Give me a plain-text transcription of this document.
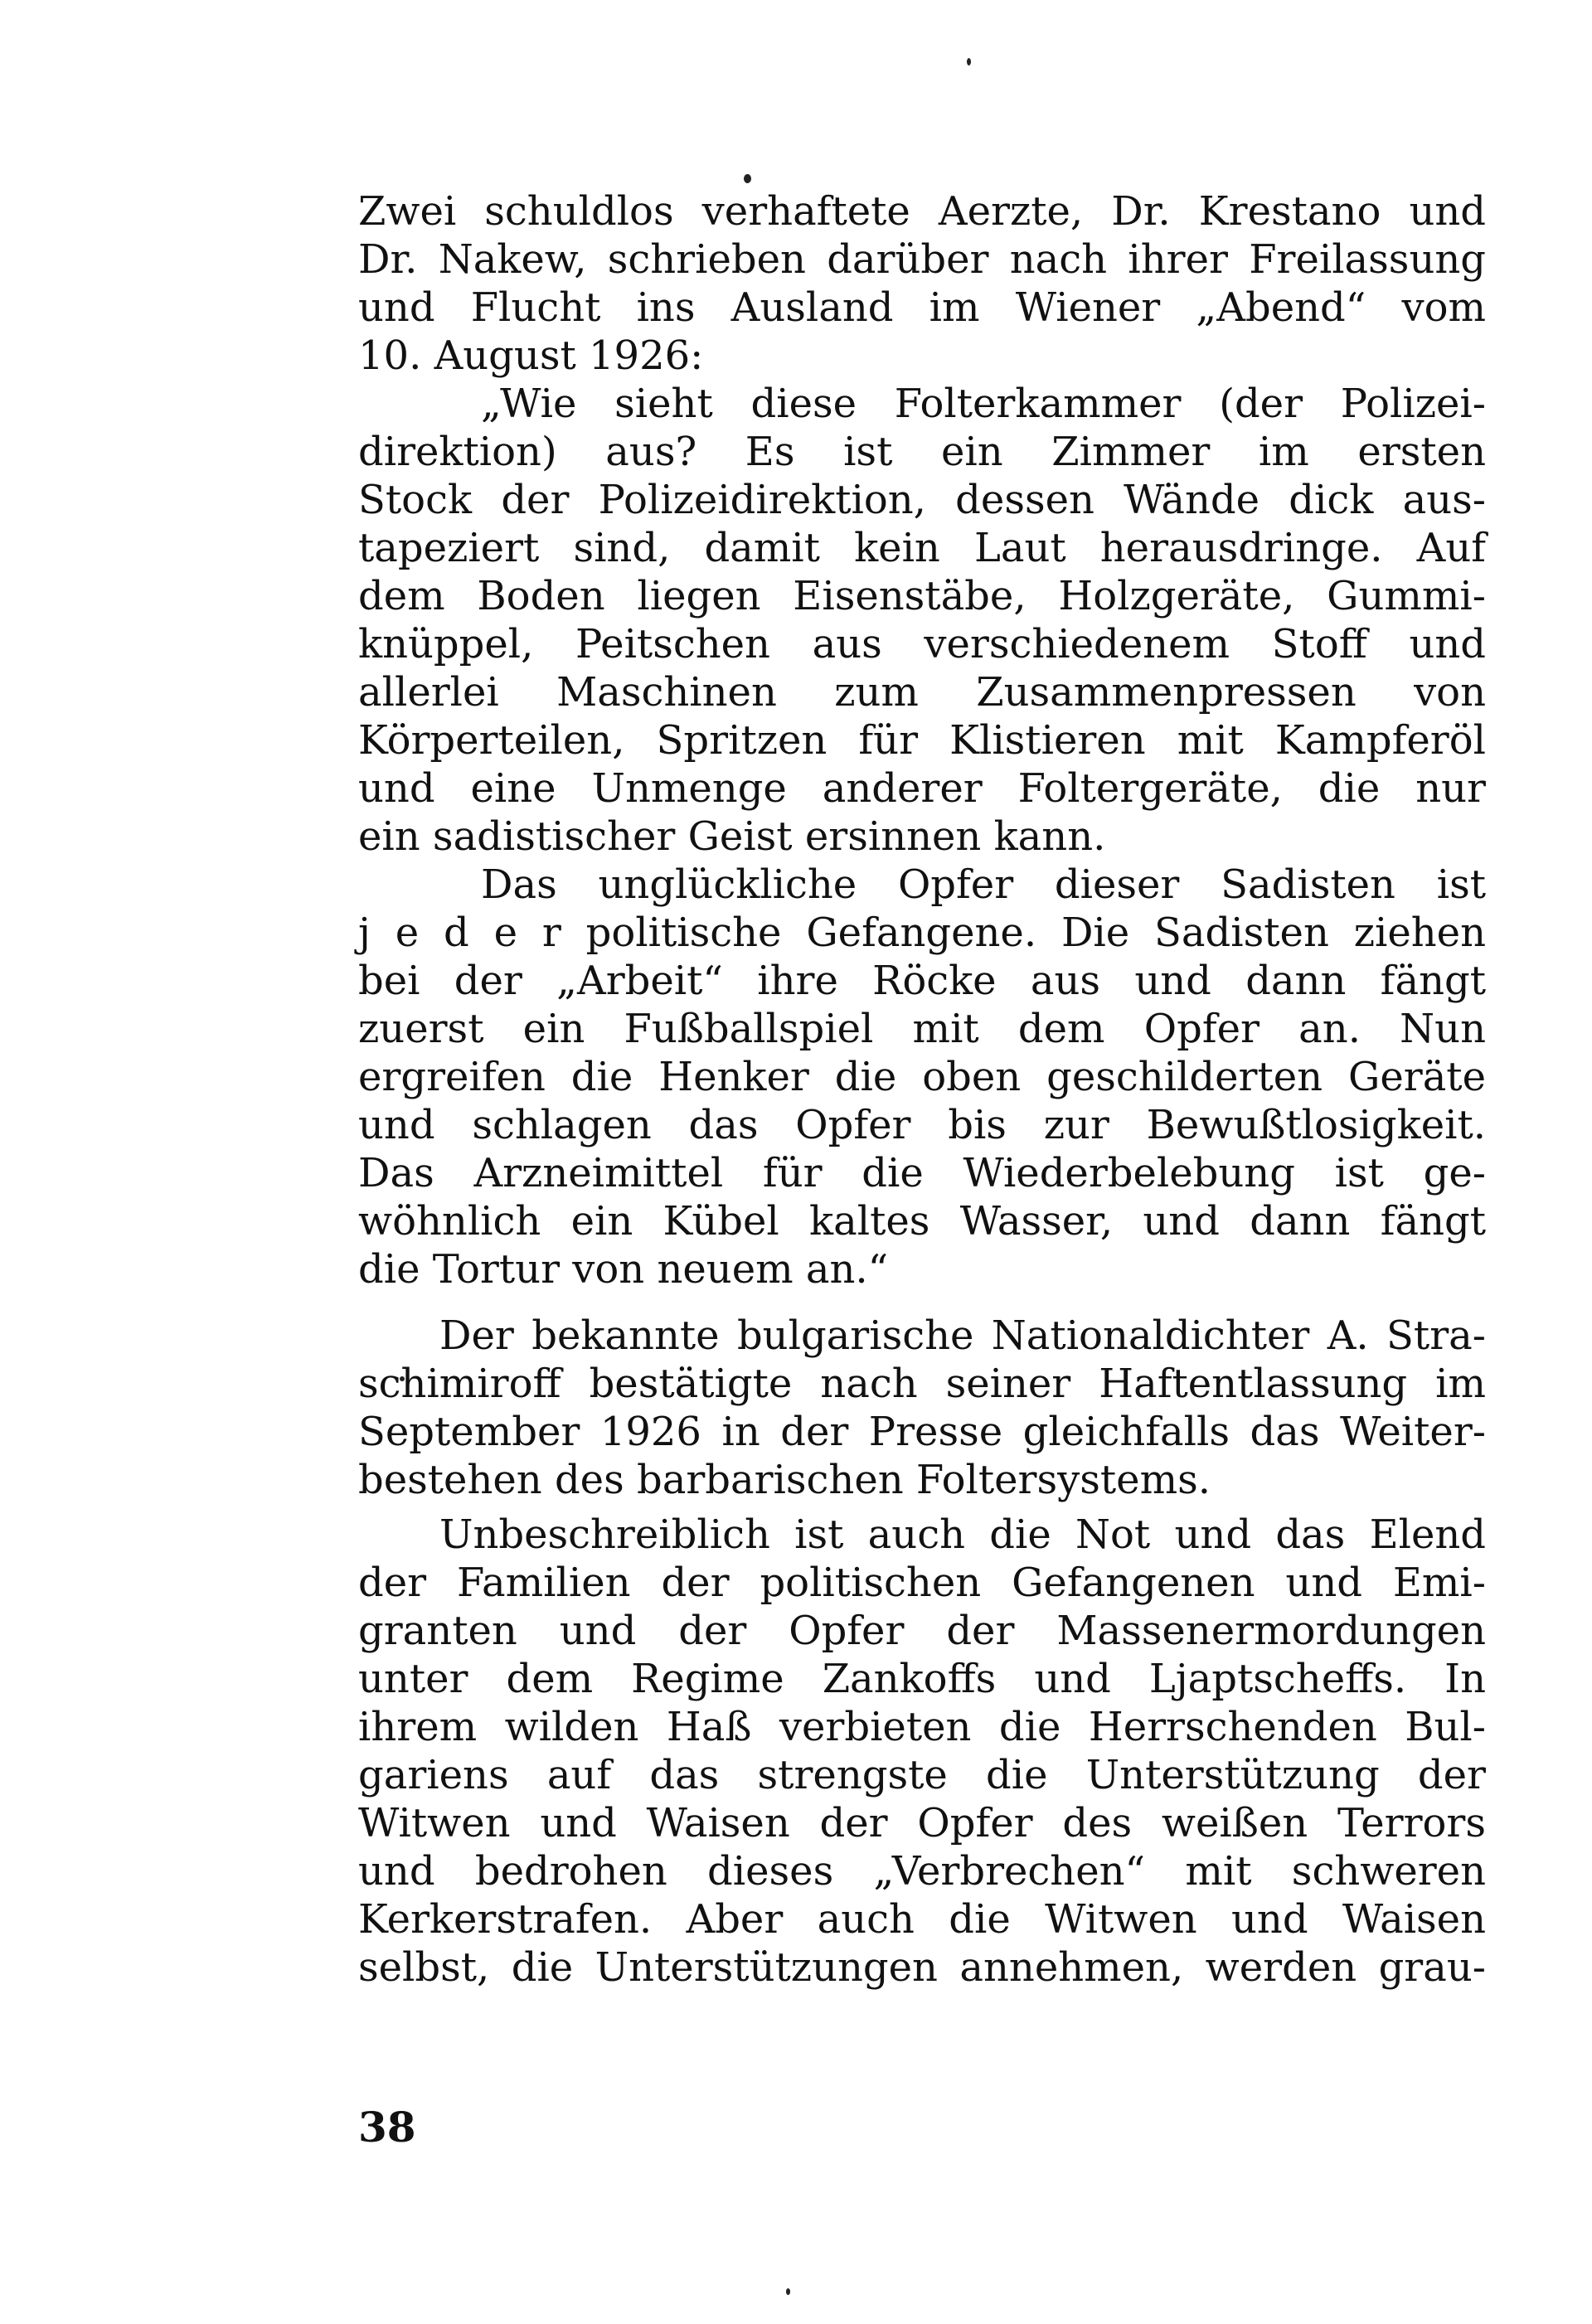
Zwei schuldlos verhaftete Aerzte, Dr. Krestano und
Dr. Nakew, schrieben darüber nach ihrer Freilassung
und Flucht ins Ausland im Wiener „Abend“ vom
10. August 1926:
„Wie sieht diese Folterkammer (der Polizei-
direktion) aus? Es ist ein Zimmer im ersten
Stock der Polizeidirektion, dessen Wände dick aus-
tapeziert sind, damit kein Laut herausdringe. Auf
dem Boden liegen Eisenstäbe, Holzgeräte, Gummi-
knüppel, Peitschen aus verschiedenem Stoff und
allerlei Maschinen zum Zusammenpressen von
Körperteilen, Spritzen für Klistieren mit Kampferöl
und eine Unmenge anderer Foltergeräte, die nur
ein sadistischer Geist ersinnen kann.
Das unglückliche Opfer dieser Sadisten ist
j e d e r politische Gefangene. Die Sadisten ziehen
bei der „Arbeit“ ihre Röcke aus und dann fängt
zuerst ein Fußballspiel mit dem Opfer an. Nun
ergreifen die Henker die oben geschilderten Geräte
und schlagen das Opfer bis zur Bewußtlosigkeit.
Das Arzneimittel für die Wiederbelebung ist ge-
wöhnlich ein Kübel kaltes Wasser, und dann fängt
die Tortur von neuem an.“
Der bekannte bulgarische Nationaldichter A. Stra-
schimiroff bestätigte nach seiner Haftentlassung im
September 1926 in der Presse gleichfalls das Weiter-
bestehen des barbarischen Foltersystems.
Unbeschreiblich ist auch die Not und das Elend
der Familien der politischen Gefangenen und Emi-
granten und der Opfer der Massenermordungen
unter dem Regime Zankoffs und Ljaptscheffs. In
ihrem wilden Haß verbieten die Herrschenden Bul-
gariens auf das strengste die Unterstützung der
Witwen und Waisen der Opfer des weißen Terrors
und bedrohen dieses „Verbrechen“ mit schweren
Kerkerstrafen. Aber auch die Witwen und Waisen
selbst, die Unterstützungen annehmen, werden grau-
38
